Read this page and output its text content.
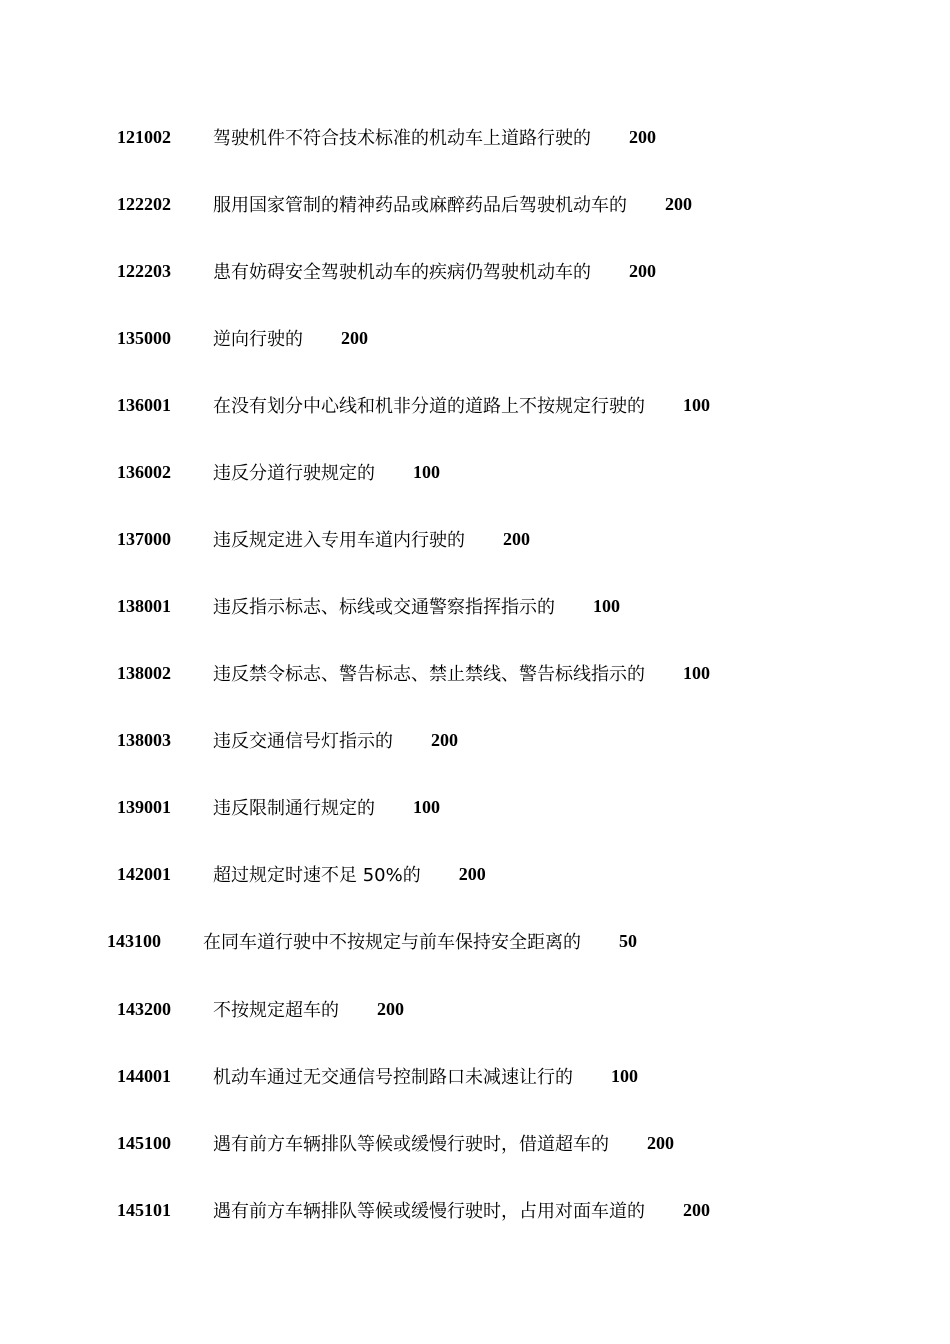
121002	驾驶机件不符合技术标准的机动车上道路行驶的 200
122202	服用国家管制的精神药品或麻醉药品后驾驶机动车的 200
122203	患有妨碍安全驾驶机动车的疾病仍驾驶机动车的 200
135000	逆向行驶的 200
136001	在没有划分中心线和机非分道的道路上不按规定行驶的 100
136002	违反分道行驶规定的 100
137000	违反规定进入专用车道内行驶的 200
138001	违反指示标志、标线或交通警察指挥指示的 100
138002	违反禁令标志、警告标志、禁止禁线、警告标线指示的 100
138003	违反交通信号灯指示的 200
139001	违反限制通行规定的 100
142001	超过规定时速不足 50%的 200
143100	在同车道行驶中不按规定与前车保持安全距离的 50
143200	不按规定超车的 200
144001	机动车通过无交通信号控制路口未减速让行的 100
145100	遇有前方车辆排队等候或缓慢行驶时，借道超车的 200
145101	遇有前方车辆排队等候或缓慢行驶时，占用对面车道的 200
